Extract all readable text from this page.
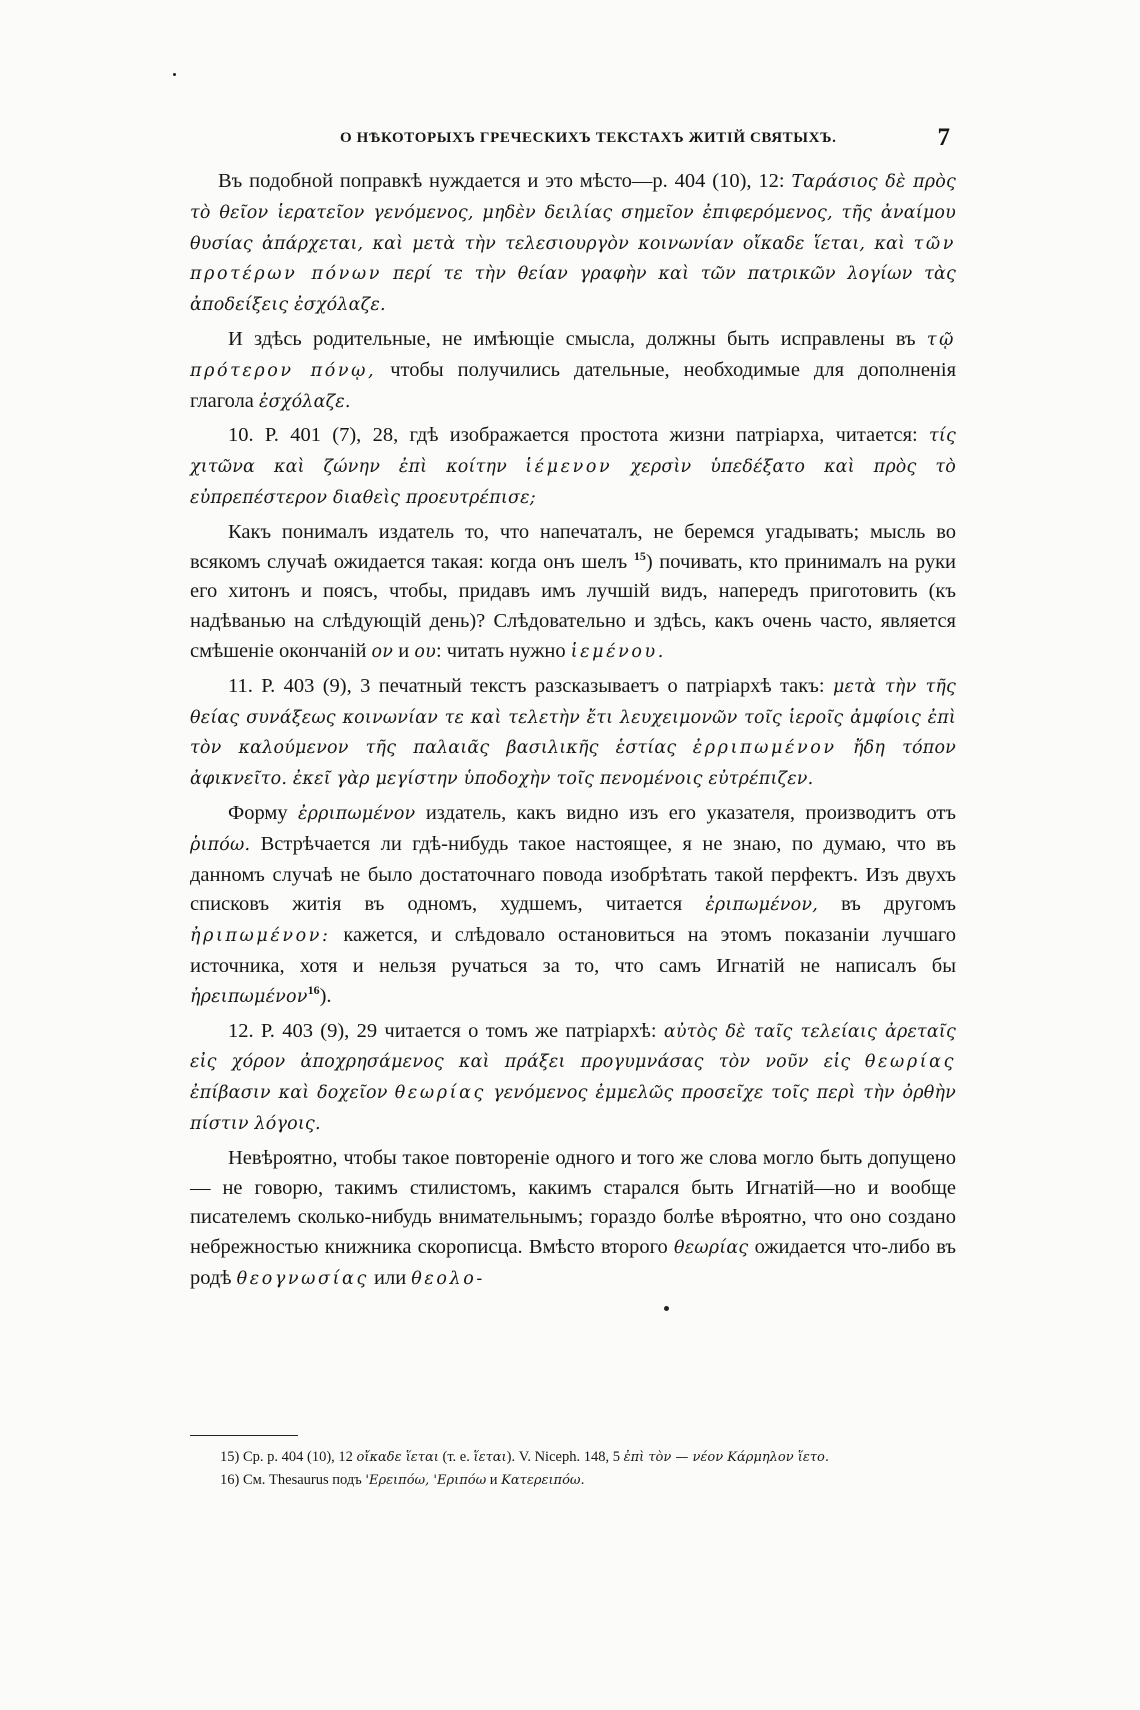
О НѢКОТОРЫХЪ ГРЕЧЕСКИХЪ ТЕКСТАХЪ ЖИТІЙ СВЯТЫХЪ.	7

Въ подобной поправкѣ нуждается и это мѣсто—р. 404 (10), 12: Ταράσιος δὲ πρὸς τὸ θεῖον ἱερατεῖον γενόμενος, μηδὲν δειλίας σημεῖον ἐπιφερόμενος, τῆς ἀναίμου θυσίας ἀπάρχεται, καὶ μετὰ τὴν τελεσιουργὸν κοινωνίαν οἴκαδε ἵεται, καὶ τῶν προτέρων πόνων περί τε τὴν θείαν γραφὴν καὶ τῶν πατρικῶν λογίων τὰς ἀποδείξεις ἐσχόλαζε.

И здѣсь родительные, не имѣющіе смысла, должны быть исправлены въ τῷ πρότερον πόνῳ, чтобы получились дательные, необходимые для дополненія глагола ἐσχόλαζε.

10. Р. 401 (7), 28, гдѣ изображается простота жизни патріарха, читается: τίς χιτῶνα καὶ ζώνην ἐπὶ κοίτην ἱέμενον χερσὶν ὑπεδέξατο καὶ πρὸς τὸ εὐπρεπέστερον διαθεὶς προευτρέπισε;

Какъ понималъ издатель то, что напечаталъ, не беремся угадывать; мысль во всякомъ случаѣ ожидается такая: когда онъ шелъ $^{15}$) почивать, кто принималъ на руки его хитонъ и поясъ, чтобы, придавъ имъ лучшій видъ, напередъ приготовить (къ надѣванью на слѣдующій день)? Слѣдовательно и здѣсь, какъ очень часто, является смѣшеніе окончаній ον и ου: читать нужно ἱεμένου.

11. Р. 403 (9), 3 печатный текстъ разсказываетъ о патріархѣ такъ: μετὰ τὴν τῆς θείας συνάξεως κοινωνίαν τε καὶ τελετὴν ἔτι λευχειμονῶν τοῖς ἱεροῖς ἀμφίοις ἐπὶ τὸν καλούμενον τῆς παλαιᾶς βασιλικῆς ἑστίας ἐρριπωμένον ἤδη τόπον ἀφικνεῖτο. ἐκεῖ γὰρ μεγίστην ὑποδοχὴν τοῖς πενομένοις εὐτρέπιζεν.

Форму ἐρριπωμένον издатель, какъ видно изъ его указателя, производитъ отъ ῥιπόω. Встрѣчается ли гдѣ-нибудь такое настоящее, я не знаю, по думаю, что въ данномъ случаѣ не было достаточнаго повода изобрѣтать такой перфектъ. Изъ двухъ списковъ житія въ одномъ, худшемъ, читается ἐριπωμένον, въ другомъ ἠριπωμένον: кажется, и слѣдовало остановиться на этомъ показаніи лучшаго источника, хотя и нельзя ручаться за то, что самъ Игнатій не написалъ бы ἠρειπωμένον$^{16}$).

12. Р. 403 (9), 29 читается о томъ же патріархѣ: αὐτὸς δὲ ταῖς τελείαις ἀρεταῖς εἰς χόρον ἀποχρησάμενος καὶ πράξει προγυμνάσας τὸν νοῦν εἰς θεωρίας ἐπίβασιν καὶ δοχεῖον θεωρίας γενόμενος ἐμμελῶς προσεῖχε τοῖς περὶ τὴν ὀρθὴν πίστιν λόγοις.

Невѣроятно, чтобы такое повтореніе одного и того же слова могло быть допущено — не говорю, такимъ стилистомъ, какимъ старался быть Игнатій—но и вообще писателемъ сколько-нибудь внимательнымъ; гораздо болѣе вѣроятно, что оно создано небрежностью книжника скорописца. Вмѣсто второго θεωρίας ожидается что-либо въ родѣ θεογνωσίας или θεολο-

15) Ср. р. 404 (10), 12 οἴκαδε ἵεται (т. е. ἵεται). V. Niceph. 148, 5 ἐπὶ τὸν — νέον Κάρμηλον ἵετο.

16) См. Thesaurus подъ 'Ερειπόω, 'Εριπόω и Κατερειπόω.
